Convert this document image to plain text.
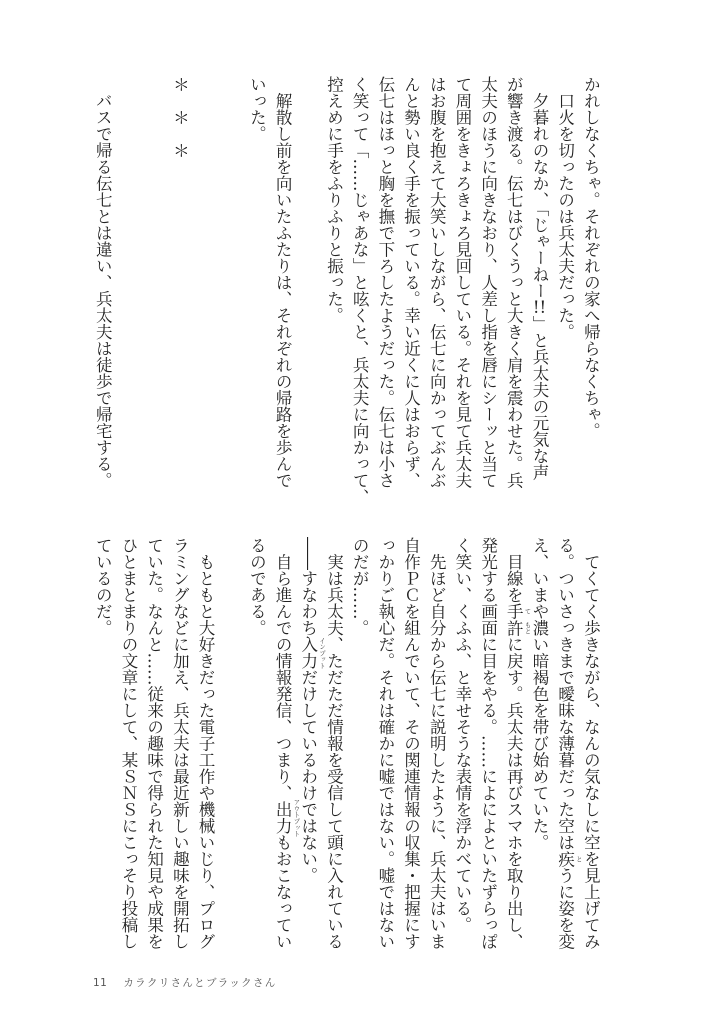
かれしなくちゃ。それぞれの家へ帰らなくちゃ。
　口火を切ったのは兵太夫だった。
　夕暮れのなか、「じゃーねー!!」と兵太夫の元気な声
が響き渡る。伝七はびくうっと大きく肩を震わせた。兵
太夫のほうに向きなおり、人差し指を唇にシーッと当て
て周囲をきょろきょろ見回している。それを見て兵太夫
はお腹を抱えて大笑いしながら、伝七に向かってぶんぶ
んと勢い良く手を振っている。幸い近くに人はおらず、
伝七はほっと胸を撫で下ろしたようだった。伝七は小さ
く笑って「……じゃあな」と呟くと、兵太夫に向かって、
控えめに手をふりふりと振った。
　解散し前を向いたふたりは、それぞれの帰路を歩んで
いった。
＊　＊　＊
　バスで帰る伝七とは違い、兵太夫は徒歩で帰宅する。
　てくてく歩きながら、なんの気なしに空を見上げてみ
る。ついさっきまで曖昧な薄暮だった空は疾 と
うに姿を変
え、いまや濃い暗褐色を帯び始めていた。
　目線を手 て
許 もと
に戻す。兵太夫は再びスマホを取り出し、
発光する画面に目をやる。……によによといたずらっぽ
く笑い、くふふ、と幸せそうな表情を浮かべている。
　先ほど自分から伝七に説明したように、兵太夫はいま
自作ＰＣを組んでいて、その関連情報の収集・把握にす
っかりご執心だ。それは確かに嘘ではない。嘘ではない
のだが……。
　実は兵太夫、ただただ情報を受信して頭に入れている
――すなわち入力 インプット
だけしているわけではない。
　自ら進んでの情報発信、つまり、出力 アウトプット
もおこなってい
るのである。
　もともと大好きだった電子工作や機械いじり、プログ
ラミングなどに加え、兵太夫は最近新しい趣味を開拓し
ていた。なんと……従来の趣味で得られた知見や成果を
ひとまとまりの文章にして、某ＳＮＳにこっそり投稿し
ているのだ。
11 カラクリさんとブラックさん
